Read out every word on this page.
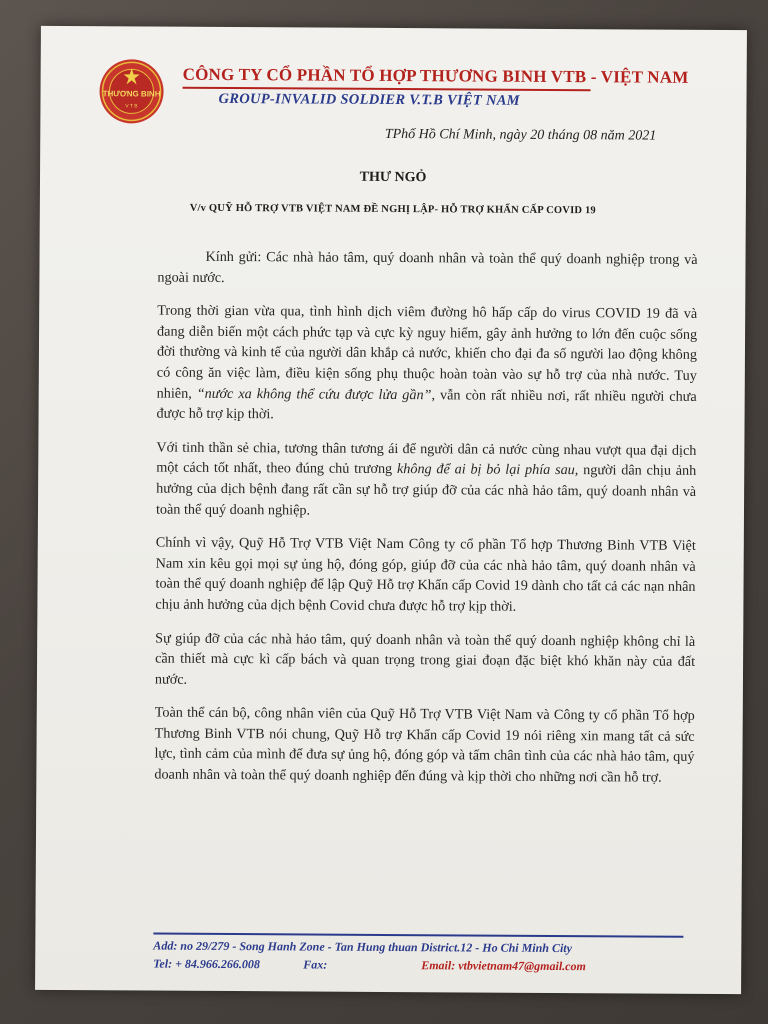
THƯƠNG BINH
V T B
CÔNG TY CỔ PHẦN TỔ HỢP THƯƠNG BINH VTB - VIỆT NAM
GROUP-INVALID SOLDIER V.T.B VIỆT NAM
TPhố Hồ Chí Minh, ngày 20 tháng 08 năm 2021
THƯ NGỎ
V/v QUỸ HỖ TRỢ VTB VIỆT NAM ĐỀ NGHỊ LẬP- HỖ TRỢ KHẨN CẤP COVID 19

Kính gửi: Các nhà hảo tâm, quý doanh nhân và toàn thể quý doanh nghiệp trong và ngoài nước.

Trong thời gian vừa qua, tình hình dịch viêm đường hô hấp cấp do virus COVID 19 đã và đang diễn biến một cách phức tạp và cực kỳ nguy hiểm, gây ảnh hưởng to lớn đến cuộc sống đời thường và kinh tế của người dân khắp cả nước, khiến cho đại đa số người lao động không có công ăn việc làm, điều kiện sống phụ thuộc hoàn toàn vào sự hỗ trợ của nhà nước. Tuy nhiên, “nước xa không thể cứu được lửa gần”, vẫn còn rất nhiều nơi, rất nhiều người chưa được hỗ trợ kịp thời.

Với tinh thần sẻ chia, tương thân tương ái để người dân cả nước cùng nhau vượt qua đại dịch một cách tốt nhất, theo đúng chủ trương không để ai bị bỏ lại phía sau, người dân chịu ảnh hưởng của dịch bệnh đang rất cần sự hỗ trợ giúp đỡ của các nhà hảo tâm, quý doanh nhân và toàn thể quý doanh nghiệp.

Chính vì vậy, Quỹ Hỗ Trợ VTB Việt Nam Công ty cổ phần Tổ hợp Thương Binh VTB Việt Nam xin kêu gọi mọi sự ủng hộ, đóng góp, giúp đỡ của các nhà hảo tâm, quý doanh nhân và toàn thể quý doanh nghiệp để lập Quỹ Hỗ trợ Khẩn cấp Covid 19 dành cho tất cả các nạn nhân chịu ảnh hưởng của dịch bệnh Covid chưa được hỗ trợ kịp thời.

Sự giúp đỡ của các nhà hảo tâm, quý doanh nhân và toàn thể quý doanh nghiệp không chỉ là cần thiết mà cực kì cấp bách và quan trọng trong giai đoạn đặc biệt khó khăn này của đất nước.

Toàn thể cán bộ, công nhân viên của Quỹ Hỗ Trợ VTB Việt Nam và Công ty cổ phần Tổ hợp Thương Binh VTB nói chung, Quỹ Hỗ trợ Khẩn cấp Covid 19 nói riêng xin mang tất cả sức lực, tình cảm của mình để đưa sự ủng hộ, đóng góp và tấm chân tình của các nhà hảo tâm, quý doanh nhân và toàn thể quý doanh nghiệp đến đúng và kịp thời cho những nơi cần hỗ trợ.

Add: no 29/279 - Song Hanh Zone - Tan Hung thuan District.12 - Ho Chi Minh City
Tel: + 84.966.266.008	Fax:	Email: vtbvietnam47@gmail.com
